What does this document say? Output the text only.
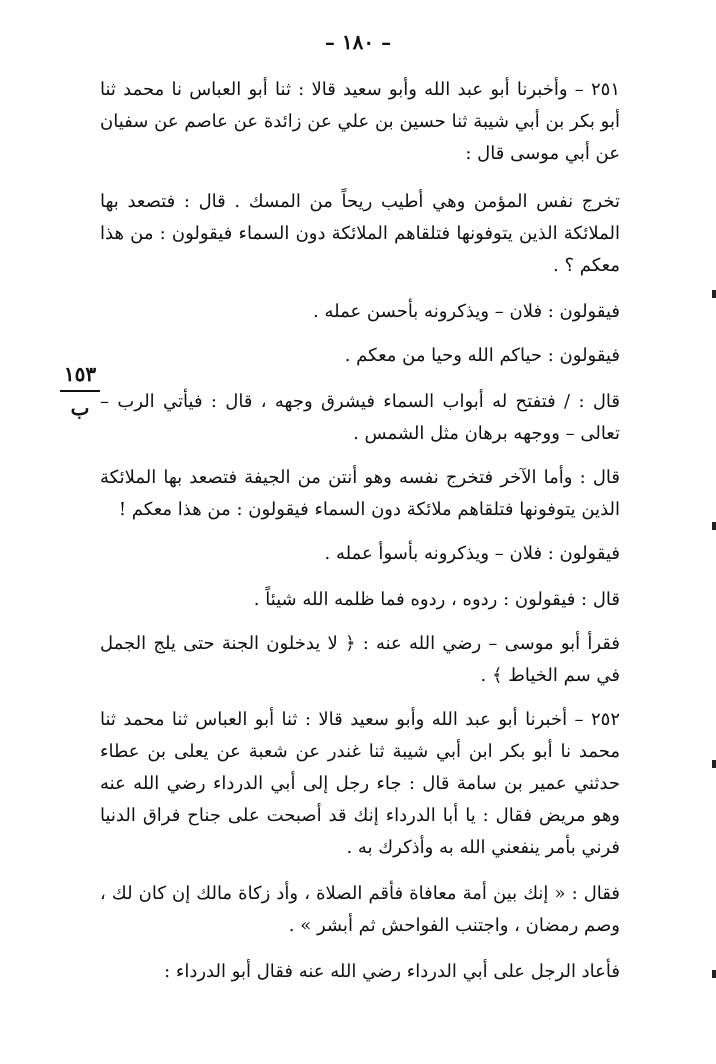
– ١٨٠ –
١٥٣
ب

٢٥١ – وأخبرنا أبو عبد الله وأبو سعيد قالا : ثنا أبو العباس نا محمد ثنا أبو بكر بن أبي شيبة ثنا حسين بن علي عن زائدة عن عاصم عن سفيان عن أبي موسى قال :

تخرج نفس المؤمن وهي أطيب ريحاً من المسك . قال : فتصعد بها الملائكة الذين يتوفونها فتلقاهم الملائكة دون السماء فيقولون : من هذا معكم ؟ .

فيقولون : فلان – ويذكرونه بأحسن عمله .

فيقولون : حياكم الله وحيا من معكم .

قال : / فتفتح له أبواب السماء فيشرق وجهه ، قال : فيأتي الرب – تعالى – ووجهه برهان مثل الشمس .

قال : وأما الآخر فتخرج نفسه وهو أنتن من الجيفة فتصعد بها الملائكة الذين يتوفونها فتلقاهم ملائكة دون السماء فيقولون : من هذا معكم !

فيقولون : فلان – ويذكرونه بأسوأ عمله .

قال : فيقولون : ردوه ، ردوه فما ظلمه الله شيئاً .

فقرأ أبو موسى – رضي الله عنه : ﴿ لا يدخلون الجنة حتى يلج الجمل في سم الخياط ﴾ .

٢٥٢ – أخبرنا أبو عبد الله وأبو سعيد قالا : ثنا أبو العباس ثنا محمد ثنا محمد نا أبو بكر ابن أبي شيبة ثنا غندر عن شعبة عن يعلى بن عطاء حدثني عمير بن سامة قال : جاء رجل إلى أبي الدرداء رضي الله عنه وهو مريض فقال : يا أبا الدرداء إنك قد أصبحت على جناح فراق الدنيا فرني بأمر ينفعني الله به وأذكرك به .

فقال : « إنك بين أمة معافاة فأقم الصلاة ، وأد زكاة مالك إن كان لك ، وصم رمضان ، واجتنب الفواحش ثم أبشر » .

فأعاد الرجل على أبي الدرداء رضي الله عنه فقال أبو الدرداء :
